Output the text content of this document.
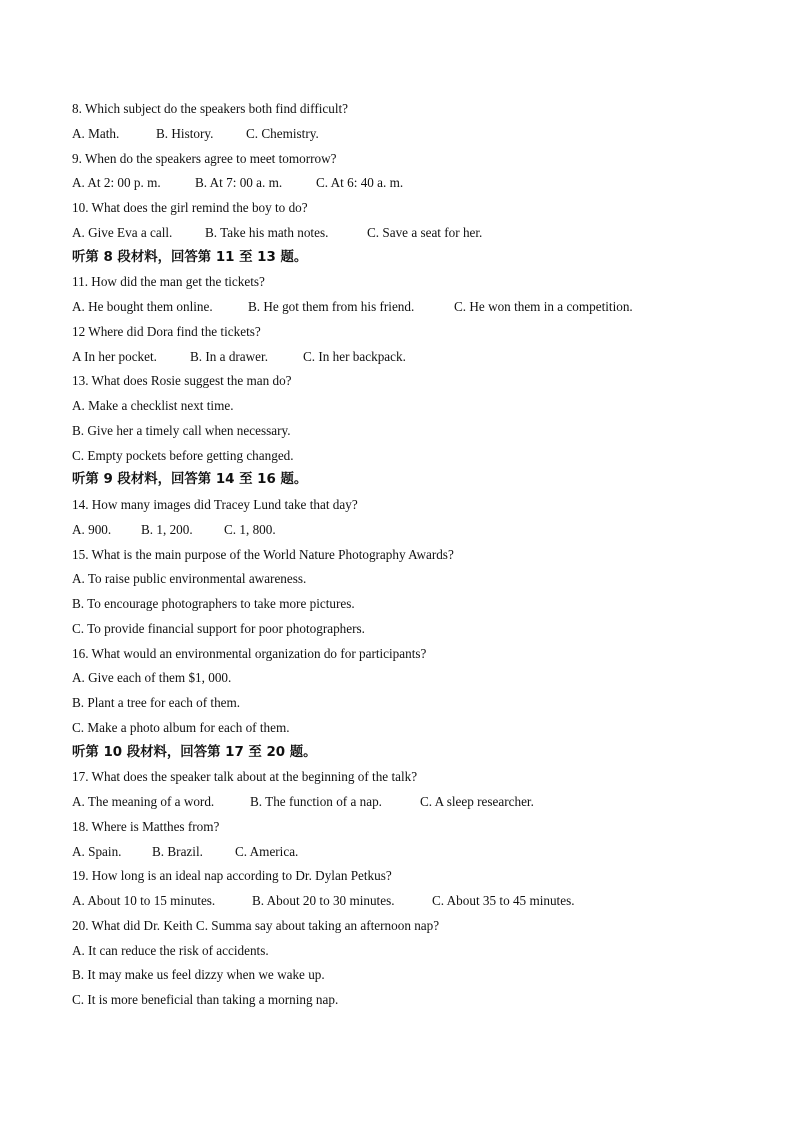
8. Which subject do the speakers both find difficult?
A. Math.	B. History. C. Chemistry.
9. When do the speakers agree to meet tomorrow?
A. At 2: 00 p. m.	B. At 7: 00 a. m.	C. At 6: 40 a. m.
10. What does the girl remind the boy to do?
A. Give Eva a call. B. Take his math notes.	C. Save a seat for her.
听第 8 段材料，回答第 11 至 13 题。
11. How did the man get the tickets?
A. He bought them online.	B. He got them from his friend.	C. He won them in a competition.
12 Where did Dora find the tickets?
A In her pocket.	B. In a drawer.	C. In her backpack.
13. What does Rosie suggest the man do?
A. Make a checklist next time.
B. Give her a timely call when necessary.
C. Empty pockets before getting changed.
听第 9 段材料，回答第 14 至 16 题。
14. How many images did Tracey Lund take that day?
A. 900. B. 1, 200. C. 1, 800.
15. What is the main purpose of the World Nature Photography Awards?
A. To raise public environmental awareness.
B. To encourage photographers to take more pictures.
C. To provide financial support for poor photographers.
16. What would an environmental organization do for participants?
A. Give each of them $1, 000.
B. Plant a tree for each of them.
C. Make a photo album for each of them.
听第 10 段材料，回答第 17 至 20 题。
17. What does the speaker talk about at the beginning of the talk?
A. The meaning of a word.	B. The function of a nap.	C. A sleep researcher.
18. Where is Matthes from?
A. Spain. B. Brazil. C. America.
19. How long is an ideal nap according to Dr. Dylan Petkus?
A. About 10 to 15 minutes.	B. About 20 to 30 minutes.	C. About 35 to 45 minutes.
20. What did Dr. Keith C. Summa say about taking an afternoon nap?
A. It can reduce the risk of accidents.
B. It may make us feel dizzy when we wake up.
C. It is more beneficial than taking a morning nap.
